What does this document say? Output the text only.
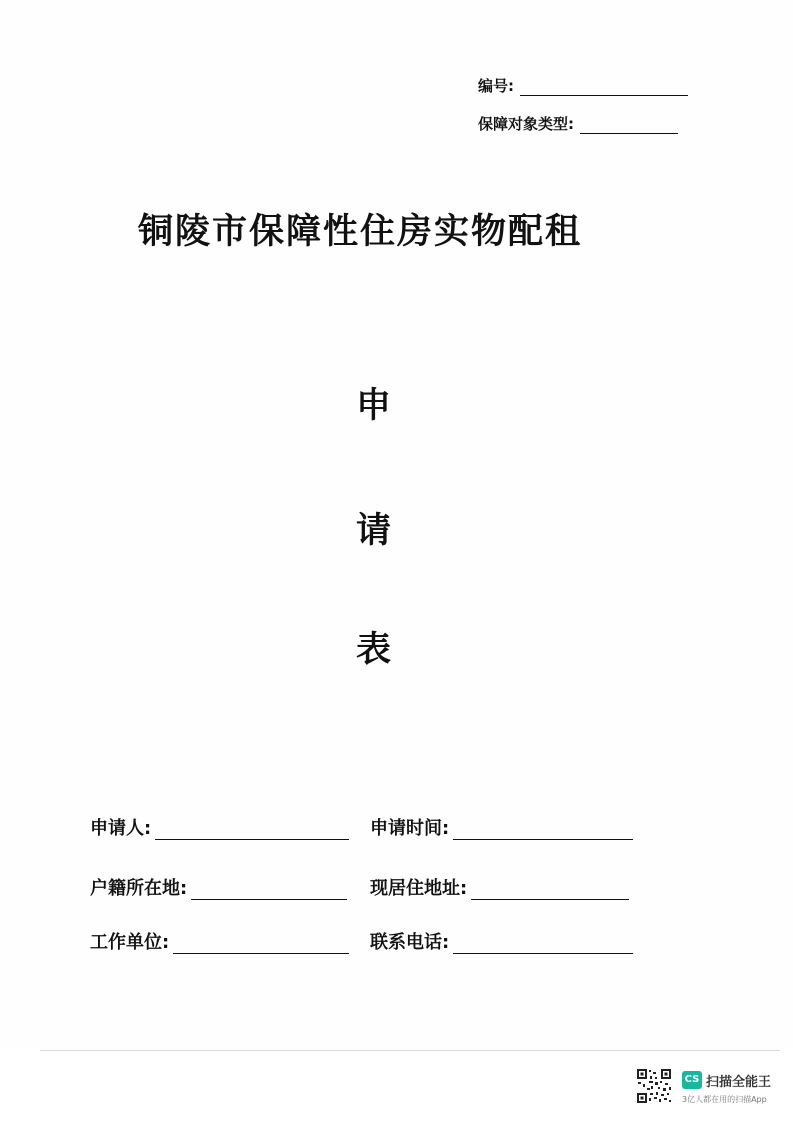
编号:
保障对象类型:
铜陵市保障性住房实物配租
申
请
表
申请人:	申请时间:
户籍所在地:	现居住地址:
工作单位:	联系电话:
CS 扫描全能王
3亿人都在用的扫描App
